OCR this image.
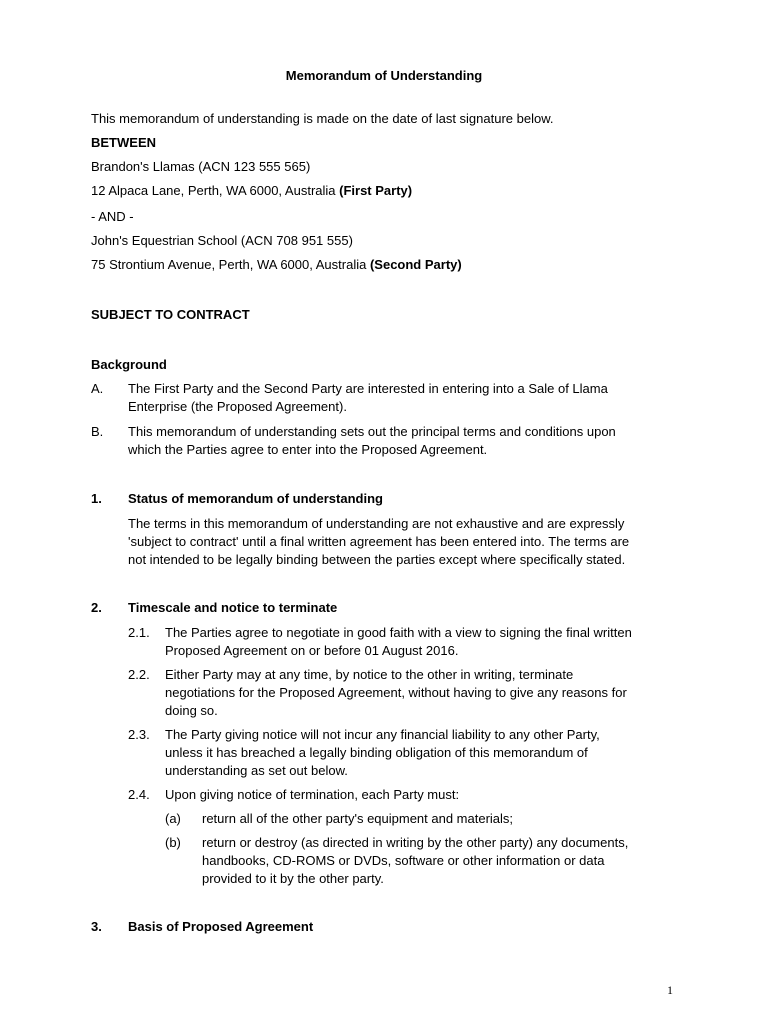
Memorandum of Understanding
This memorandum of understanding is made on the date of last signature below.
BETWEEN
Brandon's Llamas (ACN 123 555 565)
12 Alpaca Lane, Perth, WA 6000, Australia (First Party)
- AND -
John's Equestrian School (ACN 708 951 555)
75 Strontium Avenue, Perth, WA 6000, Australia (Second Party)
SUBJECT TO CONTRACT
Background
A. The First Party and the Second Party are interested in entering into a Sale of Llama
Enterprise (the Proposed Agreement).
B. This memorandum of understanding sets out the principal terms and conditions upon
which the Parties agree to enter into the Proposed Agreement.
1. Status of memorandum of understanding
The terms in this memorandum of understanding are not exhaustive and are expressly
'subject to contract' until a final written agreement has been entered into. The terms are
not intended to be legally binding between the parties except where specifically stated.
2. Timescale and notice to terminate
2.1. The Parties agree to negotiate in good faith with a view to signing the final written
Proposed Agreement on or before 01 August 2016.
2.2. Either Party may at any time, by notice to the other in writing, terminate
negotiations for the Proposed Agreement, without having to give any reasons for
doing so.
2.3. The Party giving notice will not incur any financial liability to any other Party,
unless it has breached a legally binding obligation of this memorandum of
understanding as set out below.
2.4. Upon giving notice of termination, each Party must:
(a) return all of the other party's equipment and materials;
(b) return or destroy (as directed in writing by the other party) any documents,
handbooks, CD-ROMS or DVDs, software or other information or data
provided to it by the other party.
3. Basis of Proposed Agreement
1
